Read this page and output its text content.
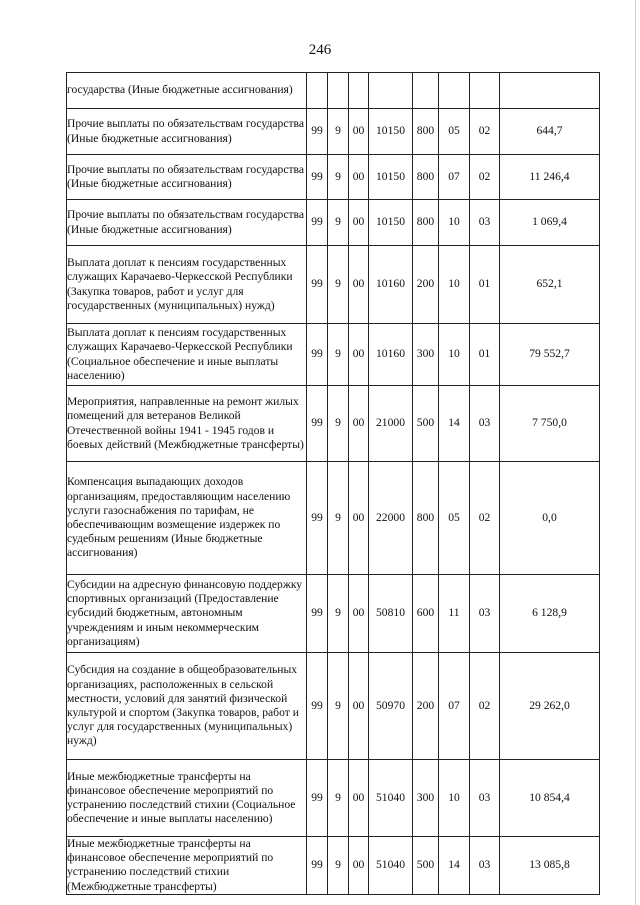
246
государства (Иные бюджетные ассигнования)								
Прочие выплаты по обязательствам государства (Иные бюджетные ассигнования)	99	9	00	10150	800	05	02	644,7
Прочие выплаты по обязательствам государства (Иные бюджетные ассигнования)	99	9	00	10150	800	07	02	11 246,4
Прочие выплаты по обязательствам государства (Иные бюджетные ассигнования)	99	9	00	10150	800	10	03	1 069,4
Выплата доплат к пенсиям государственных служащих Карачаево-Черкесской Республики (Закупка товаров, работ и услуг для государственных (муниципальных) нужд)	99	9	00	10160	200	10	01	652,1
Выплата доплат к пенсиям государственных служащих Карачаево-Черкесской Республики (Социальное обеспечение и иные выплаты населению)	99	9	00	10160	300	10	01	79 552,7
Мероприятия, направленные на ремонт жилых помещений для ветеранов Великой Отечественной войны 1941 - 1945 годов и боевых действий (Межбюджетные трансферты)	99	9	00	21000	500	14	03	7 750,0
Компенсация выпадающих доходов организациям, предоставляющим населению услуги газоснабжения по тарифам, не обеспечивающим возмещение издержек по судебным решениям (Иные бюджетные ассигнования)	99	9	00	22000	800	05	02	0,0
Субсидии на адресную финансовую поддержку спортивных организаций (Предоставление субсидий бюджетным, автономным учреждениям и иным некоммерческим организациям)	99	9	00	50810	600	11	03	6 128,9
Субсидия на создание в общеобразовательных организациях, расположенных в сельской местности, условий для занятий физической культурой и спортом (Закупка товаров, работ и услуг для государственных (муниципальных) нужд)	99	9	00	50970	200	07	02	29 262,0
Иные межбюджетные трансферты на финансовое обеспечение мероприятий по устранению последствий стихии (Социальное обеспечение и иные выплаты населению)	99	9	00	51040	300	10	03	10 854,4
Иные межбюджетные трансферты на финансовое обеспечение мероприятий по устранению последствий стихии (Межбюджетные трансферты)	99	9	00	51040	500	14	03	13 085,8
